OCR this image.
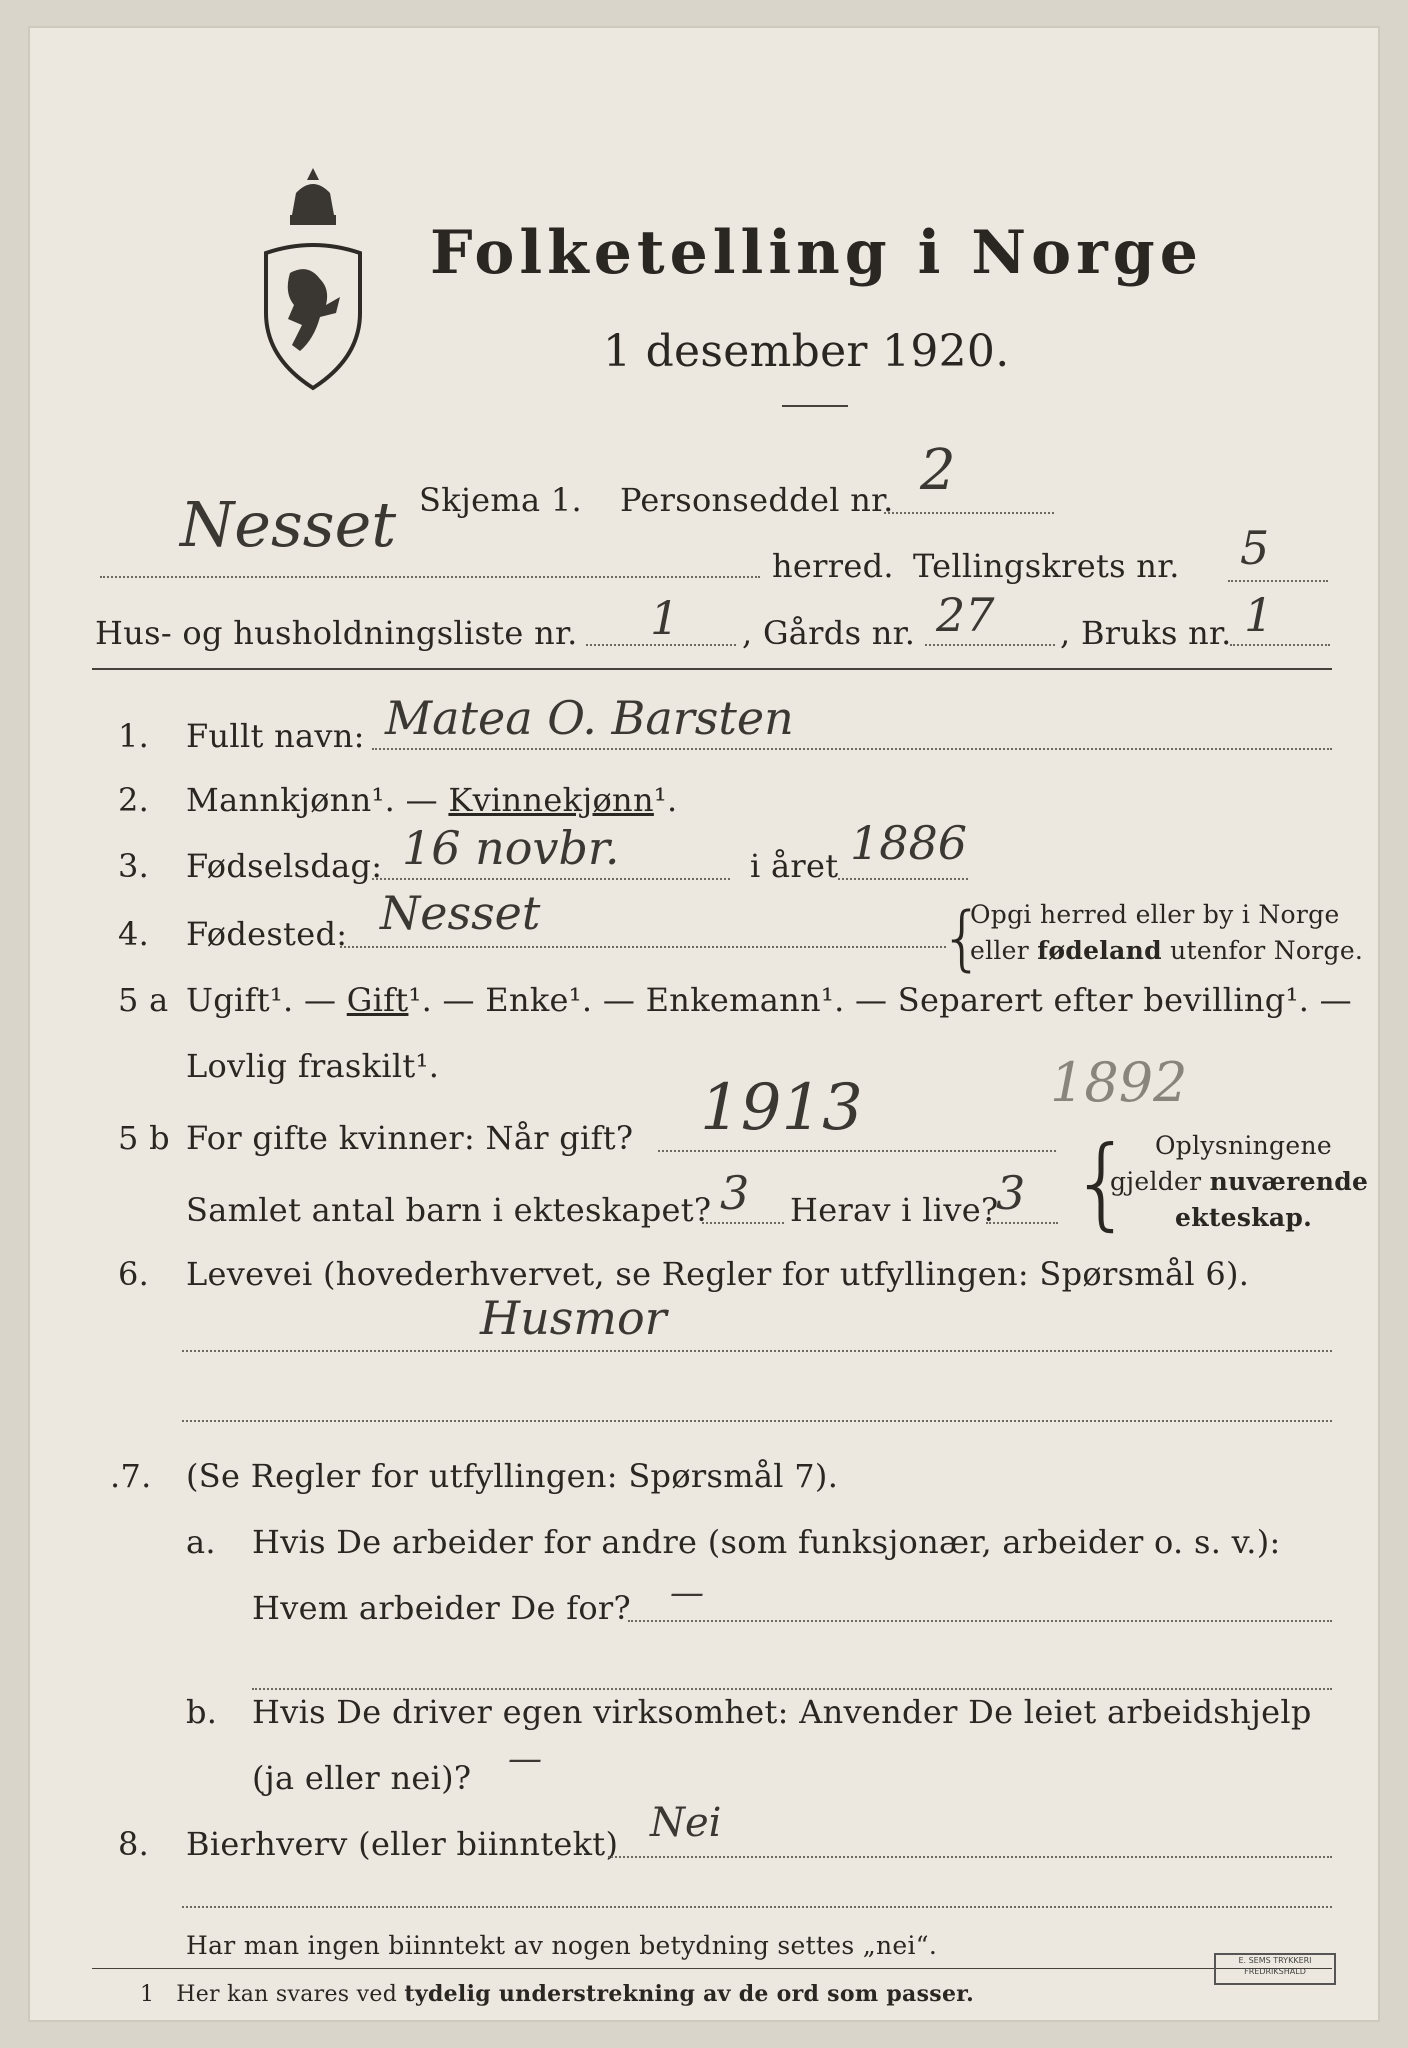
Folketelling i Norge
1 desember 1920.
Skjema 1. Personseddel nr. 2
Nesset
herred. Tellingskrets nr. 5
Hus- og husholdningsliste nr. 1 , Gårds nr. 27 , Bruks nr. 1
1. Fullt navn: Matea O. Barsten
2. Mannkjønn¹. — Kvinnekjønn¹.
3. Fødselsdag: 16 novbr.	i året 1886
4. Fødested: Nesset	{
Opgi herred eller by i Norge
eller fødeland utenfor Norge.
5 a Ugift¹. — Gift¹. — Enke¹. — Enkemann¹. — Separert efter bevilling¹. —
Lovlig fraskilt¹.	1892
5 b For gifte kvinner: Når gift? 1913
Samlet antal barn i ekteskapet? 3 Herav i live?
3 { Oplysningene
gjelder nuværende
ekteskap.
6. Levevei (hovederhvervet, se Regler for utfyllingen: Spørsmål 6).
Husmor
.7. (Se Regler for utfyllingen: Spørsmål 7).
a. Hvis De arbeider for andre (som funksjonær, arbeider o. s. v.):
Hvem arbeider De for? —
b. Hvis De driver egen virksomhet: Anvender De leiet arbeidshjelp
(ja eller nei)? —
8. Bierhverv (eller biinntekt) Nei
Har man ingen biinntekt av nogen betydning settes „nei“.
1 Her kan svares ved tydelig understrekning av de ord som passer.
E. SEMS TRYKKERI
FREDRIKSHALD
